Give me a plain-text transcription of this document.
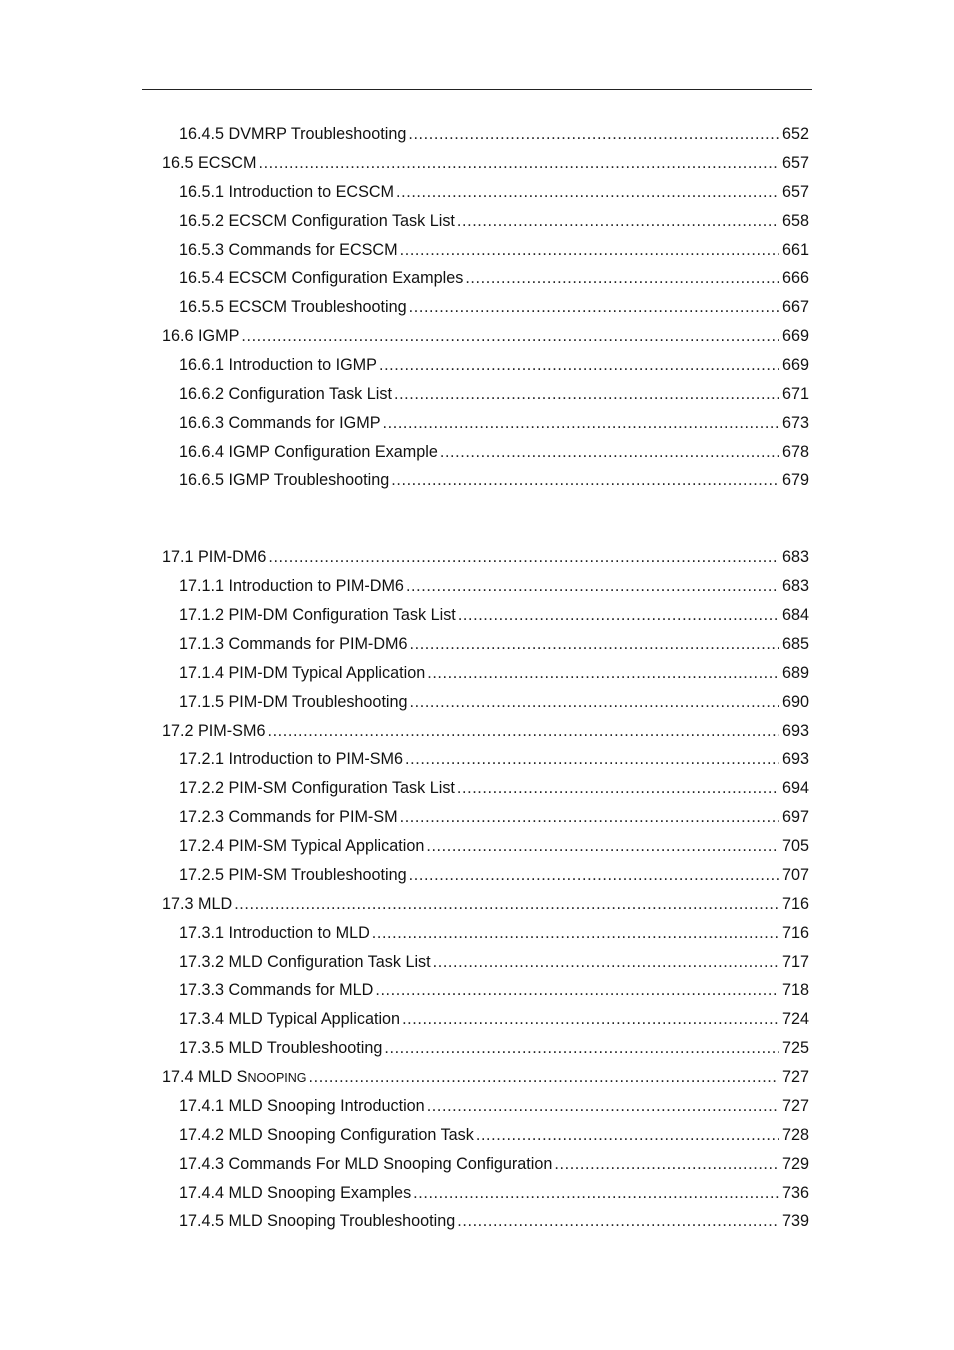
16.4.5 DVMRP Troubleshooting .....	652
16.5 ECSCM .....	657
16.5.1 Introduction to ECSCM .....	657
16.5.2 ECSCM Configuration Task List .....	658
16.5.3 Commands for ECSCM .....	661
16.5.4 ECSCM Configuration Examples .....	666
16.5.5 ECSCM Troubleshooting .....	667
16.6 IGMP .....	669
16.6.1 Introduction to IGMP .....	669
16.6.2 Configuration Task List .....	671
16.6.3 Commands for IGMP .....	673
16.6.4 IGMP Configuration Example .....	678
16.6.5 IGMP Troubleshooting .....	679
17.1 PIM-DM6 .....	683
17.1.1 Introduction to PIM-DM6 .....	683
17.1.2 PIM-DM Configuration Task List .....	684
17.1.3 Commands for PIM-DM6 .....	685
17.1.4 PIM-DM Typical Application .....	689
17.1.5 PIM-DM Troubleshooting .....	690
17.2 PIM-SM6 .....	693
17.2.1 Introduction to PIM-SM6 .....	693
17.2.2 PIM-SM Configuration Task List .....	694
17.2.3 Commands for PIM-SM .....	697
17.2.4 PIM-SM Typical Application .....	705
17.2.5 PIM-SM Troubleshooting .....	707
17.3 MLD .....	716
17.3.1 Introduction to MLD .....	716
17.3.2 MLD Configuration Task List .....	717
17.3.3 Commands for MLD .....	718
17.3.4 MLD Typical Application .....	724
17.3.5 MLD Troubleshooting .....	725
17.4 MLD SNOOPING .....	727
17.4.1 MLD Snooping Introduction .....	727
17.4.2 MLD Snooping Configuration Task .....	728
17.4.3 Commands For MLD Snooping Configuration .....	729
17.4.4 MLD Snooping Examples .....	736
17.4.5 MLD Snooping Troubleshooting .....	739
